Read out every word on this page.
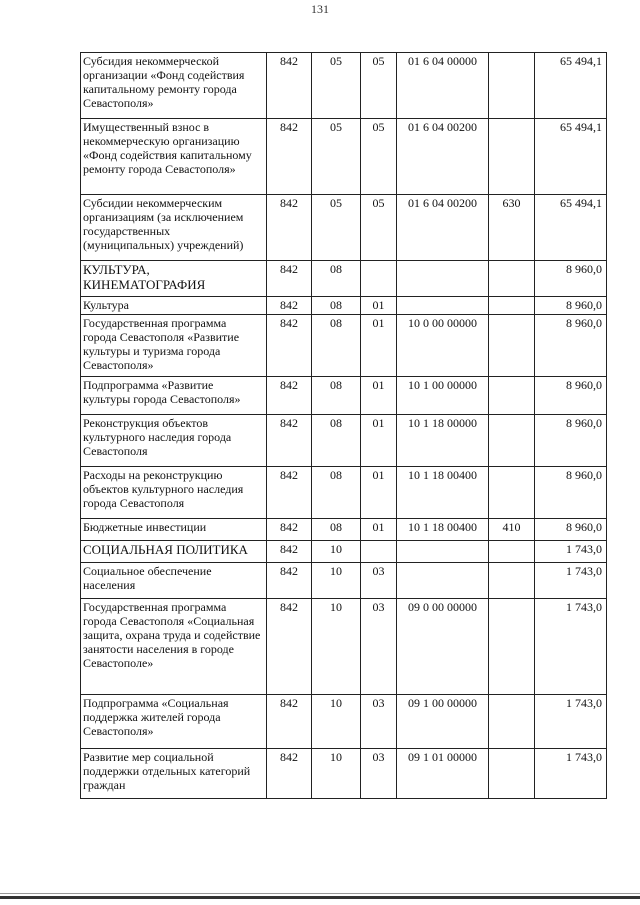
131
Субсидия некоммерческой организации «Фонд содействия капитальному ремонту города Севастополя»	842	05	05	01 6 04 00000		65 494,1
Имущественный взнос в некоммерческую организацию «Фонд содействия капитальному ремонту города Севастополя»	842	05	05	01 6 04 00200		65 494,1
Субсидии некоммерческим организациям (за исключением государственных (муниципальных) учреждений)	842	05	05	01 6 04 00200	630	65 494,1
КУЛЬТУРА, КИНЕМАТОГРАФИЯ	842	08				8 960,0
Культура	842	08	01			8 960,0
Государственная программа города Севастополя «Развитие культуры и туризма города Севастополя»	842	08	01	10 0 00 00000		8 960,0
Подпрограмма «Развитие культуры города Севастополя»	842	08	01	10 1 00 00000		8 960,0
Реконструкция объектов культурного наследия города Севастополя	842	08	01	10 1 18 00000		8 960,0
Расходы на реконструкцию объектов культурного наследия города Севастополя	842	08	01	10 1 18 00400		8 960,0
Бюджетные инвестиции	842	08	01	10 1 18 00400	410	8 960,0
СОЦИАЛЬНАЯ ПОЛИТИКА	842	10				1 743,0
Социальное обеспечение населения	842	10	03			1 743,0
Государственная программа города Севастополя «Социальная защита, охрана труда и содействие занятости населения в городе Севастополе»	842	10	03	09 0 00 00000		1 743,0
Подпрограмма «Социальная поддержка жителей города Севастополя»	842	10	03	09 1 00 00000		1 743,0
Развитие мер социальной поддержки отдельных категорий граждан	842	10	03	09 1 01 00000		1 743,0
